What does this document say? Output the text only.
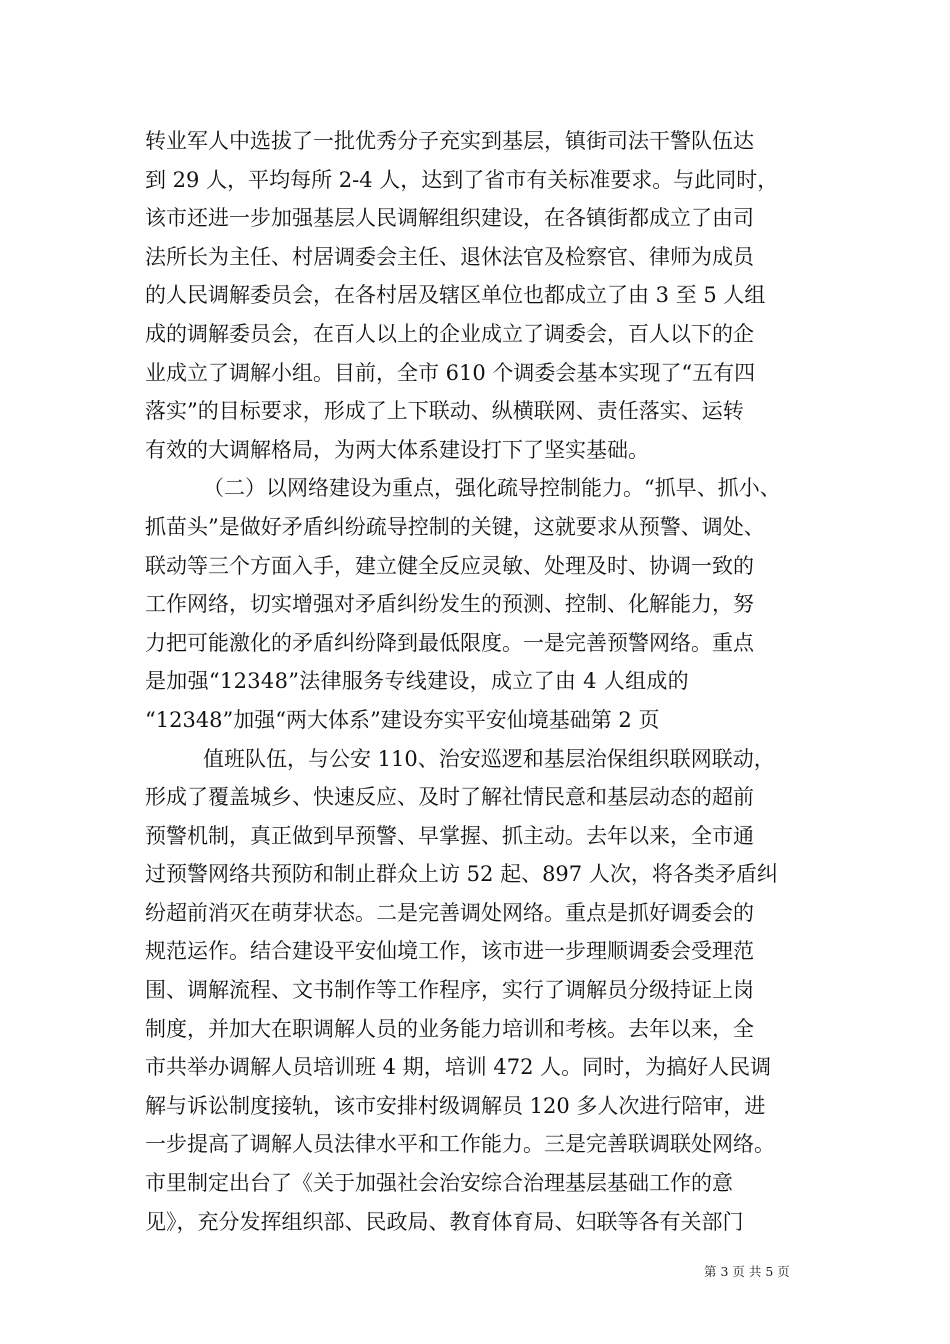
转业军人中选拔了一批优秀分子充实到基层，镇街司法干警队伍达
到 29 人，平均每所 2-4 人，达到了省市有关标准要求。与此同时，
该市还进一步加强基层人民调解组织建设，在各镇街都成立了由司
法所长为主任、村居调委会主任、退休法官及检察官、律师为成员
的人民调解委员会，在各村居及辖区单位也都成立了由 3 至 5 人组
成的调解委员会，在百人以上的企业成立了调委会，百人以下的企
业成立了调解小组。目前，全市 610 个调委会基本实现了“五有四
落实”的目标要求，形成了上下联动、纵横联网、责任落实、运转
有效的大调解格局，为两大体系建设打下了坚实基础。
（二）以网络建设为重点，强化疏导控制能力。“抓早、抓小、
抓苗头”是做好矛盾纠纷疏导控制的关键，这就要求从预警、调处、
联动等三个方面入手，建立健全反应灵敏、处理及时、协调一致的
工作网络，切实增强对矛盾纠纷发生的预测、控制、化解能力，努
力把可能激化的矛盾纠纷降到最低限度。一是完善预警网络。重点
是加强“12348”法律服务专线建设，成立了由 4 人组成的
“12348”加强“两大体系”建设夯实平安仙境基础第 2 页
值班队伍，与公安 110、治安巡逻和基层治保组织联网联动，
形成了覆盖城乡、快速反应、及时了解社情民意和基层动态的超前
预警机制，真正做到早预警、早掌握、抓主动。去年以来，全市通
过预警网络共预防和制止群众上访 52 起、897 人次，将各类矛盾纠
纷超前消灭在萌芽状态。二是完善调处网络。重点是抓好调委会的
规范运作。结合建设平安仙境工作，该市进一步理顺调委会受理范
围、调解流程、文书制作等工作程序，实行了调解员分级持证上岗
制度，并加大在职调解人员的业务能力培训和考核。去年以来，全
市共举办调解人员培训班 4 期，培训 472 人。同时，为搞好人民调
解与诉讼制度接轨，该市安排村级调解员 120 多人次进行陪审，进
一步提高了调解人员法律水平和工作能力。三是完善联调联处网络。
市里制定出台了《关于加强社会治安综合治理基层基础工作的意
见》，充分发挥组织部、民政局、教育体育局、妇联等各有关部门
第 3 页 共 5 页
